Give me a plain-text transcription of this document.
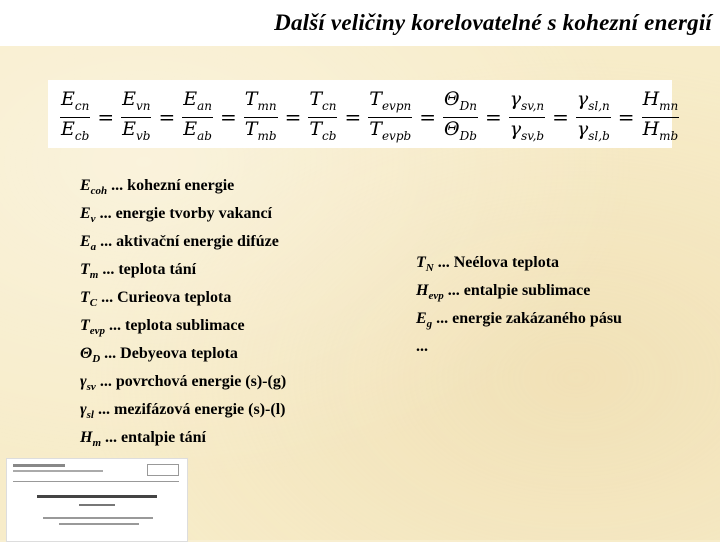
Další veličiny korelovatelné s kohezní energií
$\frac{E_{cn}}{E_{cb}} = \frac{E_{vn}}{E_{vb}} = \frac{E_{an}}{E_{ab}} = \frac{T_{mn}}{T_{mb}} = \frac{T_{cn}}{T_{cb}} = \frac{T_{evpn}}{T_{evpb}} = \frac{\Theta_{Dn}}{\Theta_{Db}} = \frac{\gamma_{sv,n}}{\gamma_{sv,b}} = \frac{\gamma_{sl,n}}{\gamma_{sl,b}} = \frac{H_{mn}}{H_{mb}}$
$E_{coh}$ ... kohezní energie
$E_v$ ... energie tvorby vakancí
$E_a$ ... aktivační energie difúze
$T_m$ ... teplota tání
$T_C$ ... Curieova teplota
$T_{evp}$ ... teplota sublimace
$\Theta_D$ ... Debyeova teplota
$\gamma_{sv}$ ... povrchová energie (s)-(g)
$\gamma_{sl}$ ... mezifázová energie (s)-(l)
$H_m$ ... entalpie tání
$T_N$ ... Neélova teplota
$H_{evp}$ ... entalpie sublimace
$E_g$ ... energie zakázaného pásu
...
